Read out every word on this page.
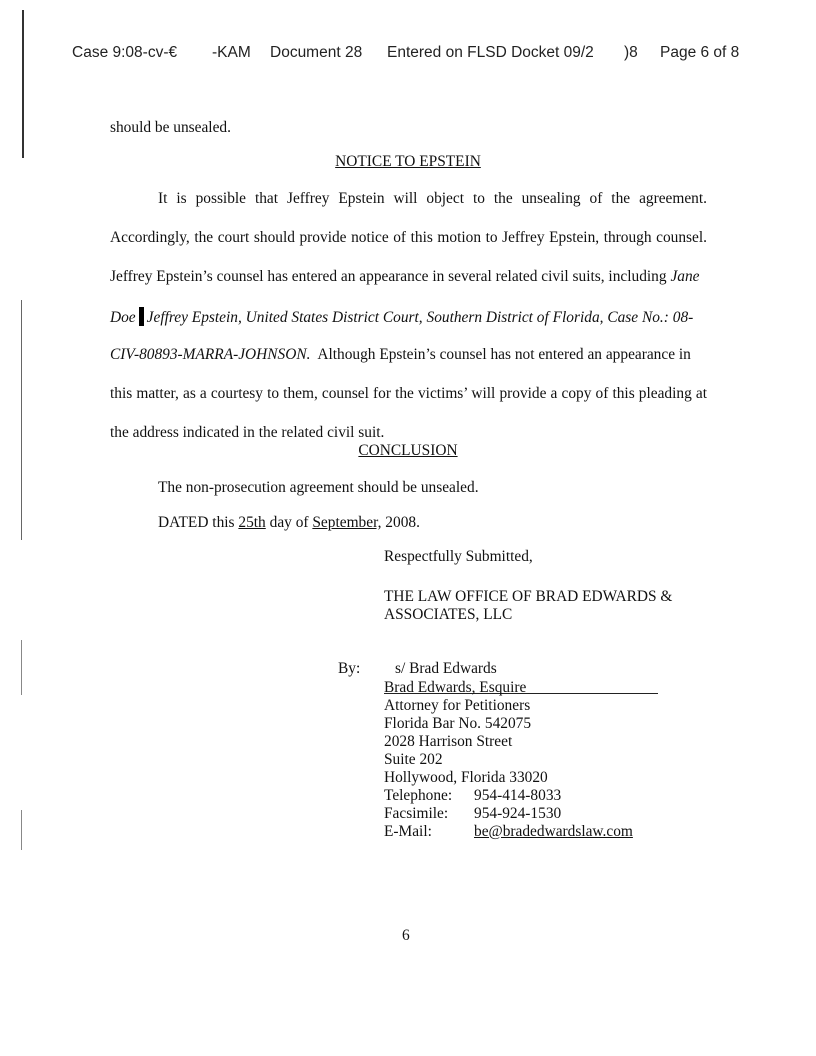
Case 9:08-cv-€ -KAM Document 28 Entered on FLSD Docket 09/2 )8 Page 6 of 8
should be unsealed.
NOTICE TO EPSTEIN
It is possible that Jeffrey Epstein will object to the unsealing of the agreement.
Accordingly, the court should provide notice of this motion to Jeffrey Epstein, through counsel.
Jeffrey Epstein’s counsel has entered an appearance in several related civil suits, including Jane
Doe Jeffrey Epstein, United States District Court, Southern District of Florida, Case No.: 08-
CIV-80893-MARRA-JOHNSON. Although Epstein’s counsel has not entered an appearance in
this matter, as a courtesy to them, counsel for the victims’ will provide a copy of this pleading at
the address indicated in the related civil suit.
CONCLUSION
The non-prosecution agreement should be unsealed.
DATED this 25th day of September, 2008.
Respectfully Submitted,
THE LAW OFFICE OF BRAD EDWARDS &
ASSOCIATES, LLC
By: s/ Brad Edwards
Brad Edwards, Esquire
Attorney for Petitioners
Florida Bar No. 542075
2028 Harrison Street
Suite 202
Hollywood, Florida 33020
Telephone:	954-414-8033
Facsimile:	954-924-1530
E-Mail:	be@bradedwardslaw.com
6
